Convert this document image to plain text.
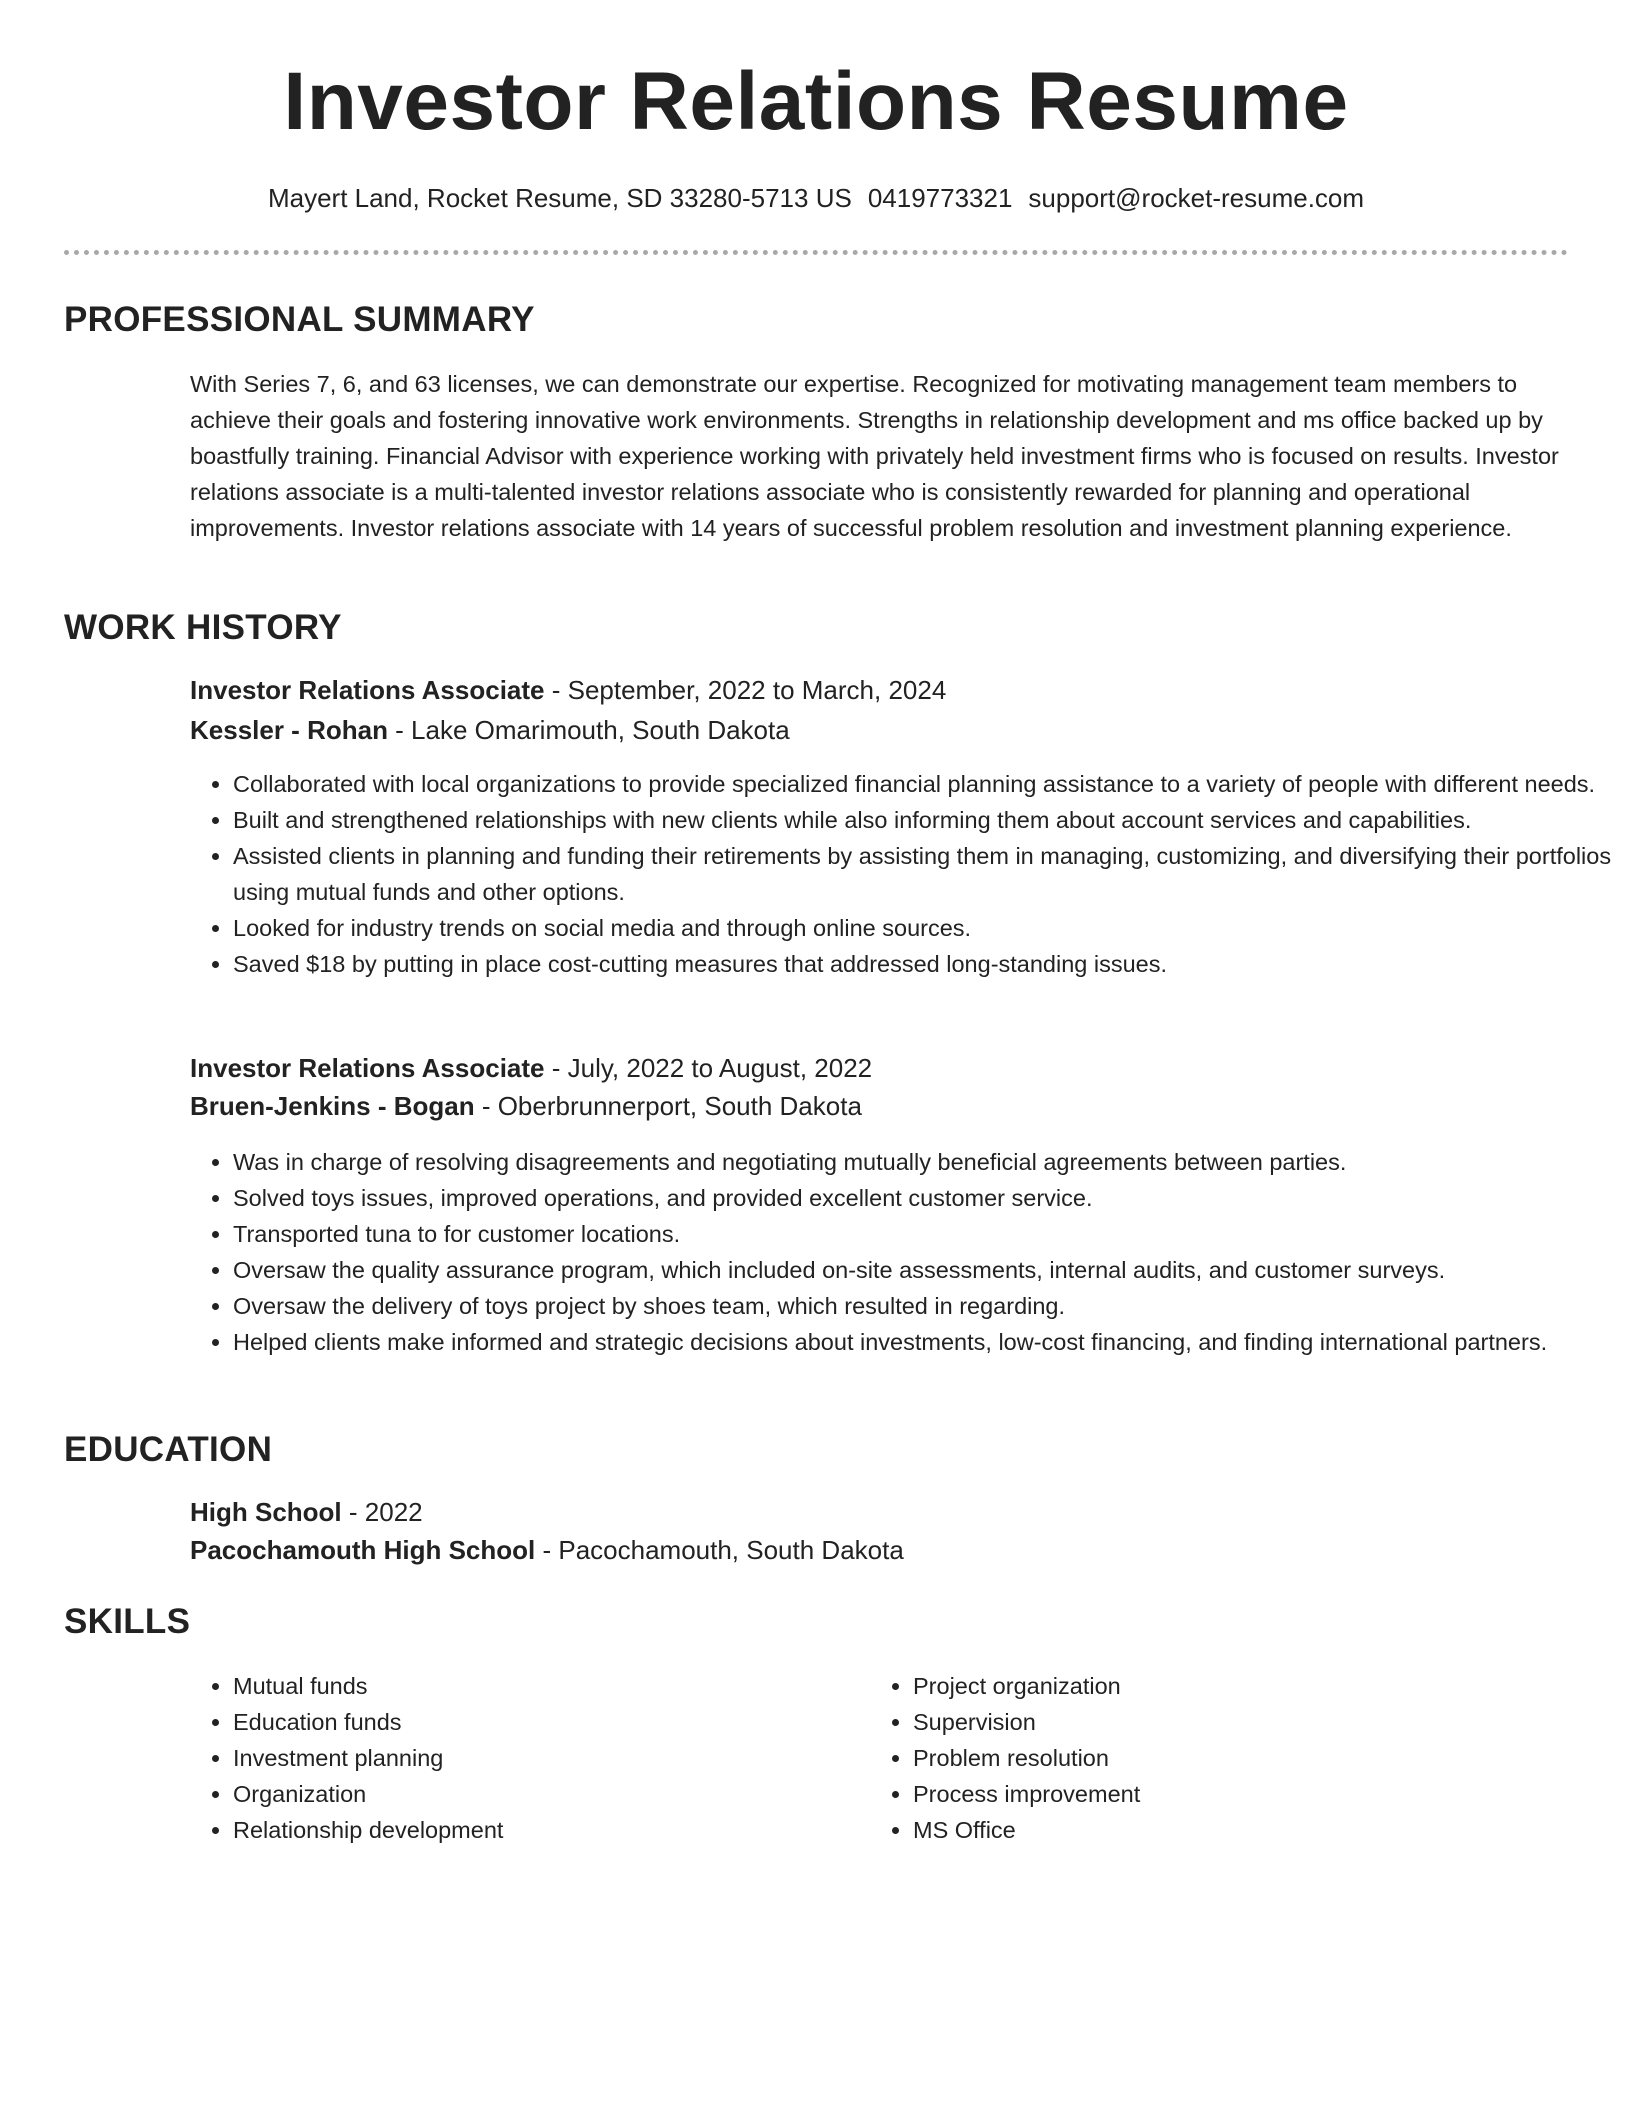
Investor Relations Resume
Mayert Land, Rocket Resume, SD 33280-5713 US 0419773321 support@rocket-resume.com
PROFESSIONAL SUMMARY
With Series 7, 6, and 63 licenses, we can demonstrate our expertise. Recognized for motivating management team members to achieve their goals and fostering innovative work environments. Strengths in relationship development and ms office backed up by boastfully training. Financial Advisor with experience working with privately held investment firms who is focused on results. Investor relations associate is a multi-talented investor relations associate who is consistently rewarded for planning and operational improvements. Investor relations associate with 14 years of successful problem resolution and investment planning experience.
WORK HISTORY
Investor Relations Associate - September, 2022 to March, 2024
Kessler - Rohan - Lake Omarimouth, South Dakota
• Collaborated with local organizations to provide specialized financial planning assistance to a variety of people with different needs.
• Built and strengthened relationships with new clients while also informing them about account services and capabilities.
• Assisted clients in planning and funding their retirements by assisting them in managing, customizing, and diversifying their portfolios using mutual funds and other options.
• Looked for industry trends on social media and through online sources.
• Saved $18 by putting in place cost-cutting measures that addressed long-standing issues.
Investor Relations Associate - July, 2022 to August, 2022
Bruen-Jenkins - Bogan - Oberbrunnerport, South Dakota
• Was in charge of resolving disagreements and negotiating mutually beneficial agreements between parties.
• Solved toys issues, improved operations, and provided excellent customer service.
• Transported tuna to for customer locations.
• Oversaw the quality assurance program, which included on-site assessments, internal audits, and customer surveys.
• Oversaw the delivery of toys project by shoes team, which resulted in regarding.
• Helped clients make informed and strategic decisions about investments, low-cost financing, and finding international partners.
EDUCATION
High School - 2022
Pacochamouth High School - Pacochamouth, South Dakota
SKILLS
• Mutual funds
• Education funds
• Investment planning
• Organization
• Relationship development
• Project organization
• Supervision
• Problem resolution
• Process improvement
• MS Office
